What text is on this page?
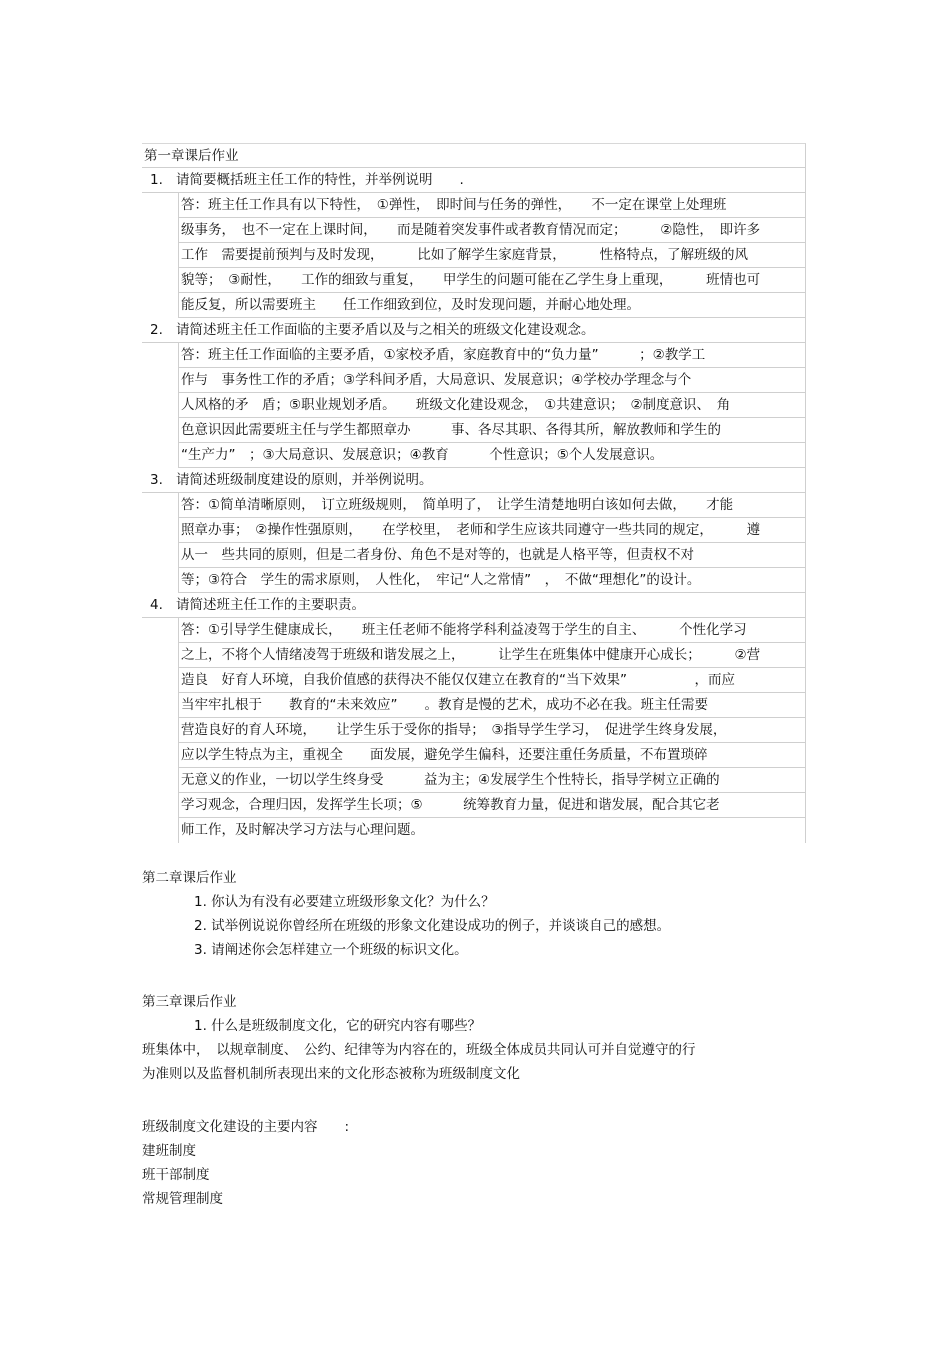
第一章课后作业
1. 请简要概括班主任工作的特性，并举例说明　　.
答：班主任工作具有以下特性，　①弹性，　即时间与任务的弹性，　　不一定在课堂上处理班
级事务，　也不一定在上课时间，　　而是随着突发事件或者教育情况而定；　　　②隐性，　即许多
工作　需要提前预判与及时发现，　　　比如了解学生家庭背景，　　　性格特点，了解班级的风
貌等；　③耐性，　　工作的细致与重复，　　甲学生的问题可能在乙学生身上重现，　　　班情也可
能反复，所以需要班主　　任工作细致到位，及时发现问题，并耐心地处理。
2. 请简述班主任工作面临的主要矛盾以及与之相关的班级文化建设观念。
答：班主任工作面临的主要矛盾，①家校矛盾，家庭教育中的“负力量”　　　；②教学工
作与　事务性工作的矛盾；③学科间矛盾，大局意识、发展意识；④学校办学理念与个
人风格的矛　盾；⑤职业规划矛盾。　　班级文化建设观念，　①共建意识；　②制度意识、　角
色意识因此需要班主任与学生都照章办　　　事、各尽其职、各得其所，解放教师和学生的
“生产力”　；③大局意识、发展意识；④教育　　　个性意识；⑤个人发展意识。
3. 请简述班级制度建设的原则，并举例说明。
答：①简单清晰原则，　订立班级规则，　简单明了，　让学生清楚地明白该如何去做，　　才能
照章办事；　②操作性强原则，　　在学校里，　老师和学生应该共同遵守一些共同的规定，　　　遵
从一　些共同的原则，但是二者身份、角色不是对等的，也就是人格平等，但责权不对
等；③符合　学生的需求原则，　人性化，　牢记“人之常情”　，　不做“理想化”的设计。
4. 请简述班主任工作的主要职责。
答：①引导学生健康成长，　　班主任老师不能将学科利益凌驾于学生的自主、　　　个性化学习
之上，不将个人情绪凌驾于班级和谐发展之上，　　　让学生在班集体中健康开心成长；　　　②营
造良　好育人环境，自我价值感的获得决不能仅仅建立在教育的“当下效果”　　　　　，而应
当牢牢扎根于　　教育的“未来效应”　　。教育是慢的艺术，成功不必在我。班主任需要
营造良好的育人环境，　　让学生乐于受你的指导；　③指导学生学习，　促进学生终身发展，
应以学生特点为主，重视全　　面发展，避免学生偏科，还要注重任务质量，不布置琐碎
无意义的作业，一切以学生终身受　　　益为主；④发展学生个性特长，指导学树立正确的
学习观念，合理归因，发挥学生长项；⑤　　　统筹教育力量，促进和谐发展，配合其它老
师工作，及时解决学习方法与心理问题。
第二章课后作业
1. 你认为有没有必要建立班级形象文化？为什么？
2. 试举例说说你曾经所在班级的形象文化建设成功的例子，并谈谈自己的感想。
3. 请阐述你会怎样建立一个班级的标识文化。
第三章课后作业
1. 什么是班级制度文化，它的研究内容有哪些？
班集体中，　以规章制度、　公约、纪律等为内容在的，班级全体成员共同认可并自觉遵守的行
为准则以及监督机制所表现出来的文化形态被称为班级制度文化
班级制度文化建设的主要内容　　:
建班制度
班干部制度
常规管理制度
